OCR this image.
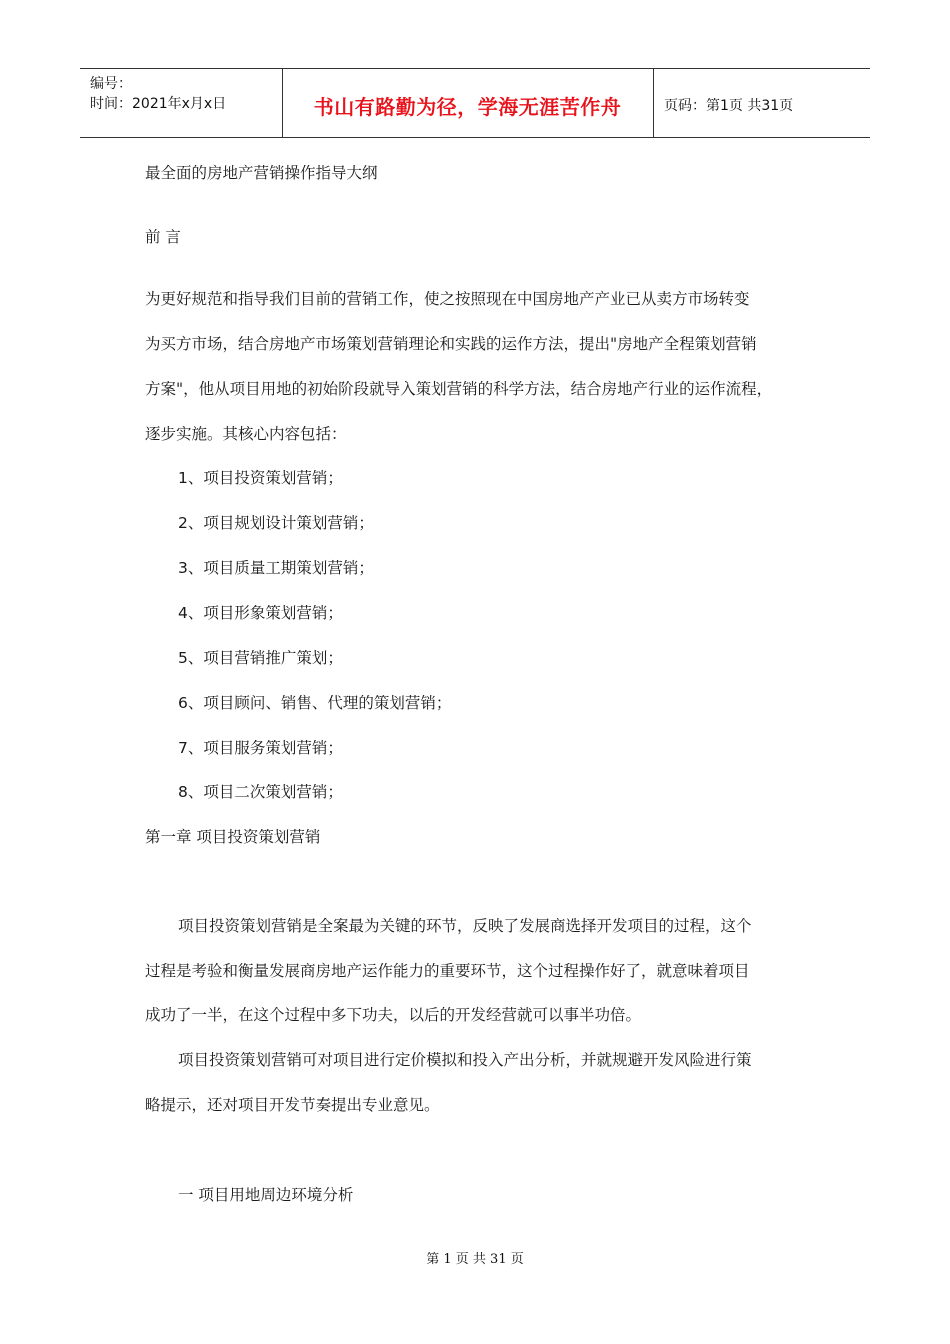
编号：
时间：2021年x月x日	书山有路勤为径，学海无涯苦作舟	页码：第1页 共31页
最全面的房地产营销操作指导大纲
前 言
为更好规范和指导我们目前的营销工作，使之按照现在中国房地产产业已从卖方市场转变
为买方市场，结合房地产市场策划营销理论和实践的运作方法，提出"房地产全程策划营销
方案"，他从项目用地的初始阶段就导入策划营销的科学方法，结合房地产行业的运作流程，
逐步实施。其核心内容包括：
1、项目投资策划营销；
2、项目规划设计策划营销；
3、项目质量工期策划营销；
4、项目形象策划营销；
5、项目营销推广策划；
6、项目顾问、销售、代理的策划营销；
7、项目服务策划营销；
8、项目二次策划营销；
第一章 项目投资策划营销
项目投资策划营销是全案最为关键的环节，反映了发展商选择开发项目的过程，这个
过程是考验和衡量发展商房地产运作能力的重要环节，这个过程操作好了，就意味着项目
成功了一半，在这个过程中多下功夫，以后的开发经营就可以事半功倍。
项目投资策划营销可对项目进行定价模拟和投入产出分析，并就规避开发风险进行策
略提示，还对项目开发节奏提出专业意见。
一 项目用地周边环境分析
第 1 页 共 31 页
